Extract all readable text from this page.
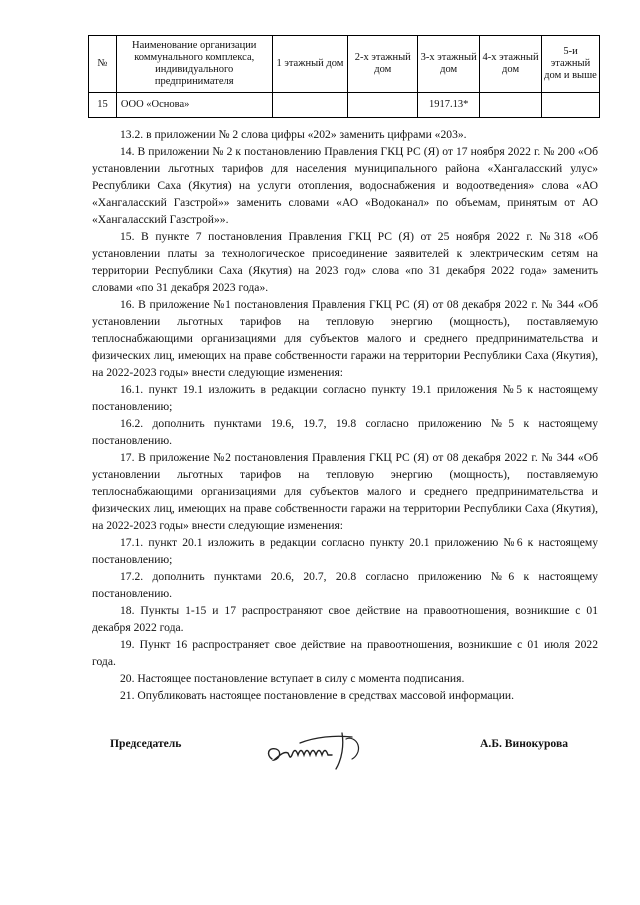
№	Наименование организации коммунального комплекса, индивидуального предпринимателя	1 этажный дом	2-х этажный дом	3-х этажный дом	4-х этажный дом	5-и этажный дом и выше
15	ООО «Основа»			1917.13*		

13.2. в приложении № 2 слова цифры «202» заменить цифрами «203».

14. В приложении № 2 к постановлению Правления ГКЦ РС (Я) от 17 ноября 2022 г. № 200 «Об установлении льготных тарифов для населения муниципального района «Хангаласский улус» Республики Саха (Якутия) на услуги отопления, водоснабжения и водоотведения» слова «АО «Хангаласский Газстрой»» заменить словами «АО «Водоканал» по объемам, принятым от АО «Хангаласский Газстрой»».

15. В пункте 7 постановления Правления ГКЦ РС (Я) от 25 ноября 2022 г. №318 «Об установлении платы за технологическое присоединение заявителей к электрическим сетям на территории Республики Саха (Якутия) на 2023 год» слова «по 31 декабря 2022 года» заменить словами «по 31 декабря 2023 года».

16. В приложение №1 постановления Правления ГКЦ РС (Я) от 08 декабря 2022 г. № 344 «Об установлении льготных тарифов на тепловую энергию (мощность), поставляемую теплоснабжающими организациями для субъектов малого и среднего предпринимательства и физических лиц, имеющих на праве собственности гаражи на территории Республики Саха (Якутия), на 2022-2023 годы» внести следующие изменения:

16.1. пункт 19.1 изложить в редакции согласно пункту 19.1 приложения №5 к настоящему постановлению;

16.2. дополнить пунктами 19.6, 19.7, 19.8 согласно приложению №5 к настоящему постановлению.

17. В приложение №2 постановления Правления ГКЦ РС (Я) от 08 декабря 2022 г. № 344 «Об установлении льготных тарифов на тепловую энергию (мощность), поставляемую теплоснабжающими организациями для субъектов малого и среднего предпринимательства и физических лиц, имеющих на праве собственности гаражи на территории Республики Саха (Якутия), на 2022-2023 годы» внести следующие изменения:

17.1. пункт 20.1 изложить в редакции согласно пункту 20.1 приложению №6 к настоящему постановлению;

17.2. дополнить пунктами 20.6, 20.7, 20.8 согласно приложению №6 к настоящему постановлению.

18. Пункты 1-15 и 17 распространяют свое действие на правоотношения, возникшие с 01 декабря 2022 года.

19. Пункт 16 распространяет свое действие на правоотношения, возникшие с 01 июля 2022 года.

20. Настоящее постановление вступает в силу с момента подписания.

21. Опубликовать настоящее постановление в средствах массовой информации.

Председатель	А.Б. Винокурова
